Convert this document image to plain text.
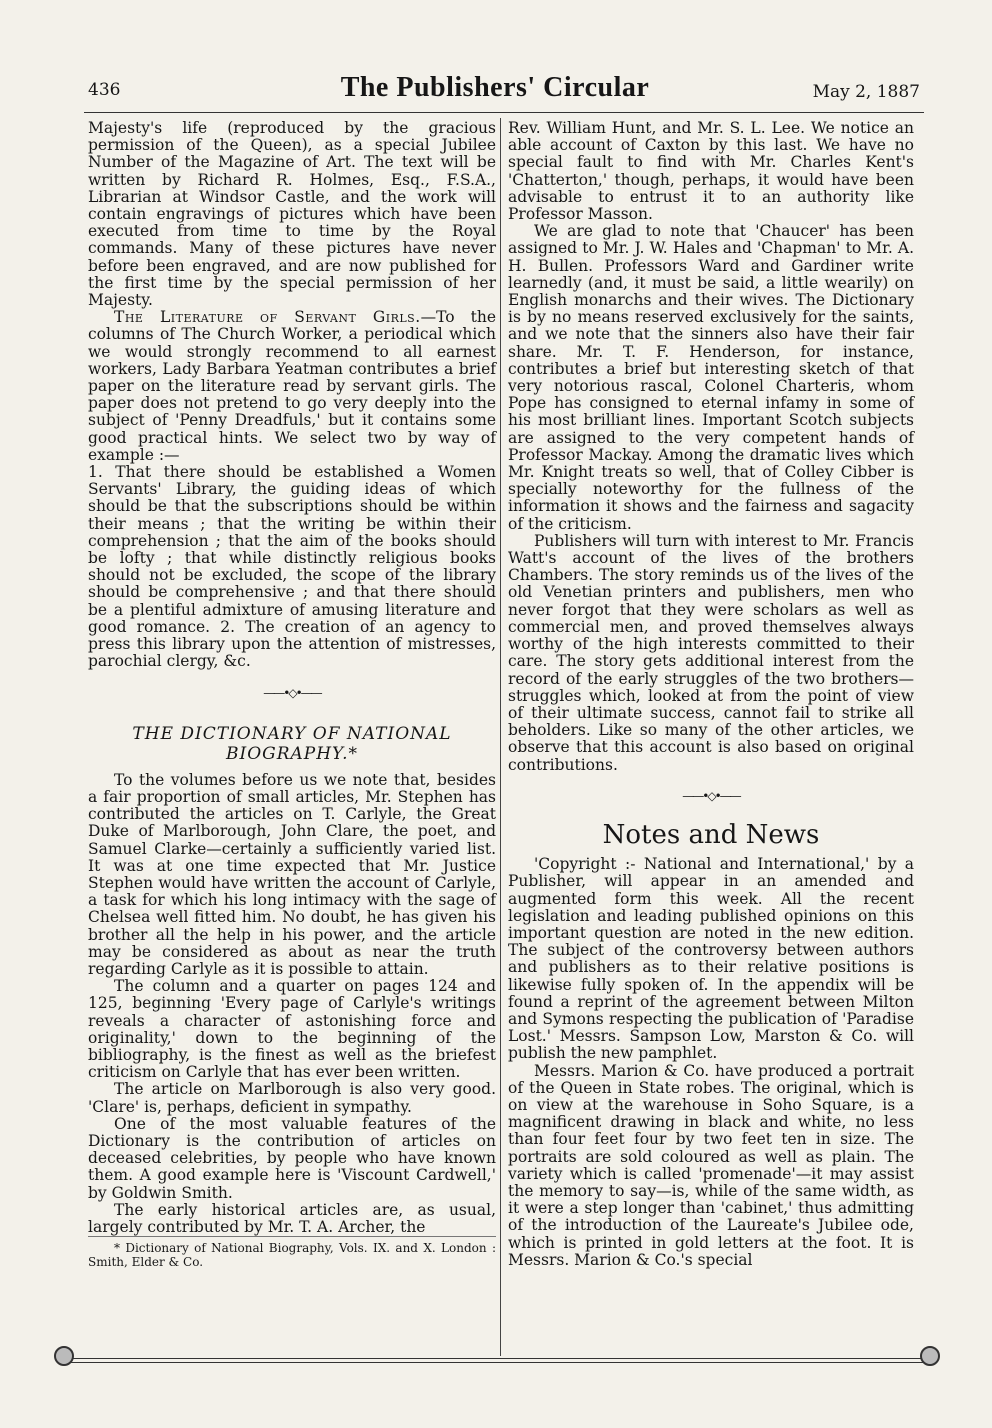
436	The Publishers' Circular	May 2, 1887

Majesty's life (reproduced by the gracious permission of the Queen), as a special Jubilee Number of the Magazine of Art. The text will be written by Richard R. Holmes, Esq., F.S.A., Librarian at Windsor Castle, and the work will contain engravings of pictures which have been executed from time to time by the Royal commands. Many of these pictures have never before been engraved, and are now published for the first time by the special permission of her Majesty.

The Literature of Servant Girls.—To the columns of The Church Worker, a periodical which we would strongly recommend to all earnest workers, Lady Barbara Yeatman contributes a brief paper on the literature read by servant girls. The paper does not pretend to go very deeply into the subject of 'Penny Dreadfuls,' but it contains some good practical hints. We select two by way of example :—

1. That there should be established a Women Servants' Library, the guiding ideas of which should be that the subscriptions should be within their means ; that the writing be within their comprehension ; that the aim of the books should be lofty ; that while distinctly religious books should not be excluded, the scope of the library should be comprehensive ; and that there should be a plentiful admixture of amusing literature and good romance. 2. The creation of an agency to press this library upon the attention of mistresses, parochial clergy, &c.

——•◇•——
THE DICTIONARY OF NATIONAL BIOGRAPHY.*

To the volumes before us we note that, besides a fair proportion of small articles, Mr. Stephen has contributed the articles on T. Carlyle, the Great Duke of Marlborough, John Clare, the poet, and Samuel Clarke—certainly a sufficiently varied list. It was at one time expected that Mr. Justice Stephen would have written the account of Carlyle, a task for which his long intimacy with the sage of Chelsea well fitted him. No doubt, he has given his brother all the help in his power, and the article may be considered as about as near the truth regarding Carlyle as it is possible to attain.

The column and a quarter on pages 124 and 125, beginning 'Every page of Carlyle's writings reveals a character of astonishing force and originality,' down to the beginning of the bibliography, is the finest as well as the briefest criticism on Carlyle that has ever been written.

The article on Marlborough is also very good. 'Clare' is, perhaps, deficient in sympathy.

One of the most valuable features of the Dictionary is the contribution of articles on deceased celebrities, by people who have known them. A good example here is 'Viscount Cardwell,' by Goldwin Smith.

The early historical articles are, as usual, largely contributed by Mr. T. A. Archer, the

* Dictionary of National Biography, Vols. IX. and X. London : Smith, Elder & Co.

Rev. William Hunt, and Mr. S. L. Lee. We notice an able account of Caxton by this last. We have no special fault to find with Mr. Charles Kent's 'Chatterton,' though, perhaps, it would have been advisable to entrust it to an authority like Professor Masson.

We are glad to note that 'Chaucer' has been assigned to Mr. J. W. Hales and 'Chapman' to Mr. A. H. Bullen. Professors Ward and Gardiner write learnedly (and, it must be said, a little wearily) on English monarchs and their wives. The Dictionary is by no means reserved exclusively for the saints, and we note that the sinners also have their fair share. Mr. T. F. Henderson, for instance, contributes a brief but interesting sketch of that very notorious rascal, Colonel Charteris, whom Pope has consigned to eternal infamy in some of his most brilliant lines. Important Scotch subjects are assigned to the very competent hands of Professor Mackay. Among the dramatic lives which Mr. Knight treats so well, that of Colley Cibber is specially noteworthy for the fullness of the information it shows and the fairness and sagacity of the criticism.

Publishers will turn with interest to Mr. Francis Watt's account of the lives of the brothers Chambers. The story reminds us of the lives of the old Venetian printers and publishers, men who never forgot that they were scholars as well as commercial men, and proved themselves always worthy of the high interests committed to their care. The story gets additional interest from the record of the early struggles of the two brothers—struggles which, looked at from the point of view of their ultimate success, cannot fail to strike all beholders. Like so many of the other articles, we observe that this account is also based on original contributions.

——•◇•——
Notes and News

'Copyright :- National and International,' by a Publisher, will appear in an amended and augmented form this week. All the recent legislation and leading published opinions on this important question are noted in the new edition. The subject of the controversy between authors and publishers as to their relative positions is likewise fully spoken of. In the appendix will be found a reprint of the agreement between Milton and Symons respecting the publication of 'Paradise Lost.' Messrs. Sampson Low, Marston & Co. will publish the new pamphlet.

Messrs. Marion & Co. have produced a portrait of the Queen in State robes. The original, which is on view at the warehouse in Soho Square, is a magnificent drawing in black and white, no less than four feet four by two feet ten in size. The portraits are sold coloured as well as plain. The variety which is called 'promenade'—it may assist the memory to say—is, while of the same width, as it were a step longer than 'cabinet,' thus admitting of the introduction of the Laureate's Jubilee ode, which is printed in gold letters at the foot. It is Messrs. Marion & Co.'s special
